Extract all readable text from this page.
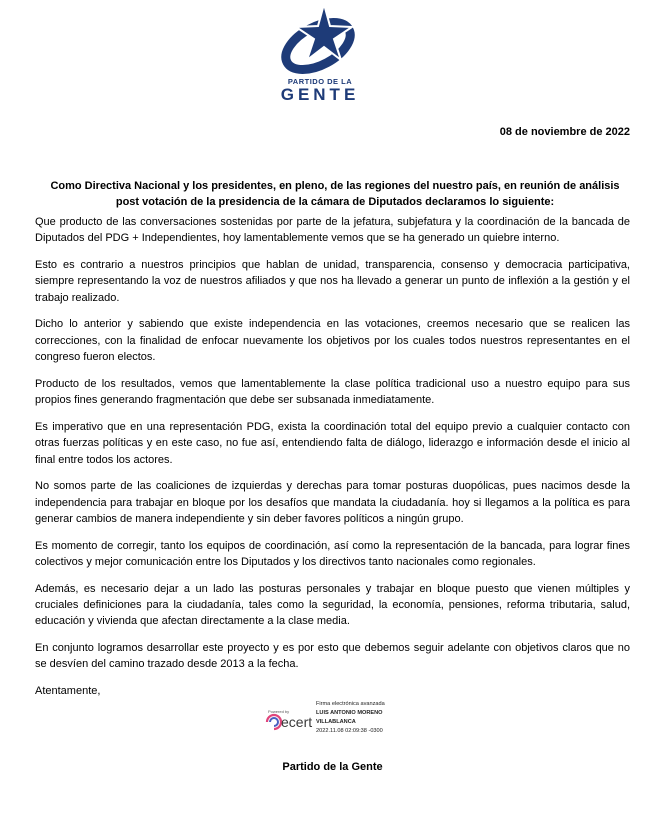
PARTIDO DE LA
GENTE
08 de noviembre de 2022
Como Directiva Nacional y los presidentes, en pleno, de las regiones del nuestro país, en reunión de análisis post votación de la presidencia de la cámara de Diputados declaramos lo siguiente:

Que producto de las conversaciones sostenidas por parte de la jefatura, subjefatura y la coordinación de la bancada de Diputados del PDG + Independientes, hoy lamentablemente vemos que se ha generado un quiebre interno.

Esto es contrario a nuestros principios que hablan de unidad, transparencia, consenso y democracia participativa, siempre representando la voz de nuestros afiliados y que nos ha llevado a generar un punto de inflexión a la gestión y el trabajo realizado.

Dicho lo anterior y sabiendo que existe independencia en las votaciones, creemos necesario que se realicen las correcciones, con la finalidad de enfocar nuevamente los objetivos por los cuales todos nuestros representantes en el congreso fueron electos.

Producto de los resultados, vemos que lamentablemente la clase política tradicional uso a nuestro equipo para sus propios fines generando fragmentación que debe ser subsanada inmediatamente.

Es imperativo que en una representación PDG, exista la coordinación total del equipo previo a cualquier contacto con otras fuerzas políticas y en este caso, no fue así, entendiendo falta de diálogo, liderazgo e información desde el inicio al final entre todos los actores.

No somos parte de las coaliciones de izquierdas y derechas para tomar posturas duopólicas, pues nacimos desde la independencia para trabajar en bloque por los desafíos que mandata la ciudadanía. hoy si llegamos a la política es para generar cambios de manera independiente y sin deber favores políticos a ningún grupo.

Es momento de corregir, tanto los equipos de coordinación, así como la representación de la bancada, para lograr fines colectivos y mejor comunicación entre los Diputados y los directivos tanto nacionales como regionales.

Además, es necesario dejar a un lado las posturas personales y trabajar en bloque puesto que vienen múltiples y cruciales definiciones para la ciudadanía, tales como la seguridad, la economía, pensiones, reforma tributaria, salud, educación y vivienda que afectan directamente a la clase media.

En conjunto logramos desarrollar este proyecto y es por esto que debemos seguir adelante con objetivos claros que no se desvíen del camino trazado desde 2013 a la fecha.

Atentamente,

Powered by
ecert
Firma electrónica avanzada
LUIS ANTONIO MORENO
VILLABLANCA
2022.11.08 02:09:38 -0300
Partido de la Gente
